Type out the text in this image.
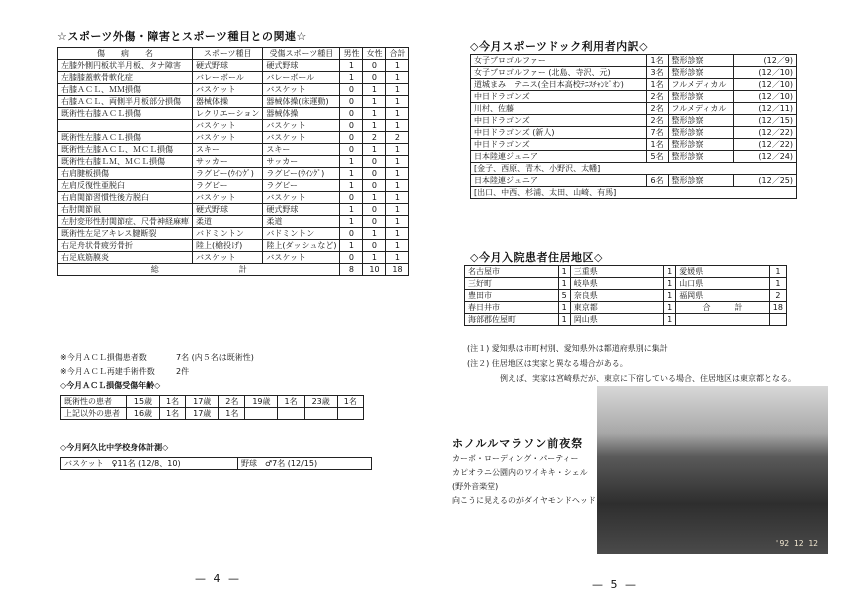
☆スポーツ外傷・障害とスポーツ種目との関連☆
傷　　病　　名	スポーツ種目	受傷スポーツ種目	男性	女性	合計
左膝外側円板状半月板、タナ障害	硬式野球	硬式野球	1	0	1
左膝膝蓋軟骨軟化症	バレーボール	バレーボール	1	0	1
右膝ＡＣＬ、ＭＭ損傷	バスケット	バスケット	0	1	1
右膝ＡＣＬ、両側半月板部分損傷	器械体操	器械体操(床運動)	0	1	1
既術性右膝ＡＣＬ損傷	レクリエーション	器械体操	0	1	1
	バスケット	バスケット	0	1	1
既術性左膝ＡＣＬ損傷	バスケット	バスケット	0	2	2
既術性左膝ＡＣＬ、ＭＣＬ損傷	スキー	スキー	0	1	1
既術性右膝ＬＭ、ＭＣＬ損傷	サッカー	サッカー	1	0	1
右肩腱板損傷	ラグビー(ｳｲﾝｸﾞ)	ラグビー(ｳｲﾝｸﾞ)	1	0	1
左肩反復性亜脱臼	ラグビー	ラグビー	1	0	1
右肩関節習慣性後方脱臼	バスケット	バスケット	0	1	1
右肘関節鼠	硬式野球	硬式野球	1	0	1
左肘変形性肘関節症、尺骨神経麻痺	柔道	柔道	1	0	1
既術性左足アキレス腱断裂	バドミントン	バドミントン	0	1	1
右足舟状骨疲労骨折	陸上(槍投げ)	陸上(ダッシュなど)	1	0	1
右足底筋膜炎	バスケット	バスケット	0	1	1
総　　　　　　　　　　計			8	10	18
※今月ＡＣＬ損傷患者数	7名 (内５名は既術性)
※今月ＡＣＬ再建手術件数	2件
◇今月ＡＣＬ損傷受傷年齢◇
既術性の患者	15歳	1名	17歳	2名	19歳	1名	23歳	1名
上記以外の患者	16歳	1名	17歳	1名				
◇今月阿久比中学校身体計測◇
バスケット　♀11名 (12/8、10)	野球　♂7名 (12/15)
— 4 —
◇今月スポーツドック利用者内訳◇
女子プロゴルファー	1名	整形診察	(12／9)
女子プロゴルファー (北島、寺沢、元)	3名	整形診察	(12／10)
道城まみ　テニス(全日本高校ﾃﾆｽﾁｬﾝﾋﾟｵﾝ)	1名	フルメディカル	(12／10)
中日ドラゴンズ	2名	整形診察	(12／10)
川村、佐藤	2名	フルメディカル	(12／11)
中日ドラゴンズ	2名	整形診察	(12／15)
中日ドラゴンズ (新人)	7名	整形診察	(12／22)
中日ドラゴンズ	1名	整形診察	(12／22)
日本陸連ジュニア	5名	整形診察	(12／24)
[金子、西原、青木、小野沢、太幡]			
日本陸連ジュニア	6名	整形診察	(12／25)
[出口、中西、杉浦、太田、山崎、有馬]			
◇今月入院患者住居地区◇
名古屋市	1	三重県	1	愛媛県	1
三好町	1	岐阜県	1	山口県	1
豊田市	5	奈良県	1	福岡県	2
春日井市	1	東京都	1	合　　　計	18
海部郡佐屋町	1	岡山県	1		
(注１) 愛知県は市町村別、愛知県外は都道府県別に集計
(注２) 住居地区は実家と異なる場合がある。
例えば、実家は宮崎県だが、東京に下宿している場合、住居地区は東京都となる。
'92 12 12
ホノルルマラソン前夜祭
カーボ・ローディング・パーティー
カピオラニ公園内のワイキキ・シェル
(野外音楽堂)
向こうに見えるのがダイヤモンドヘッド
— 5 —
